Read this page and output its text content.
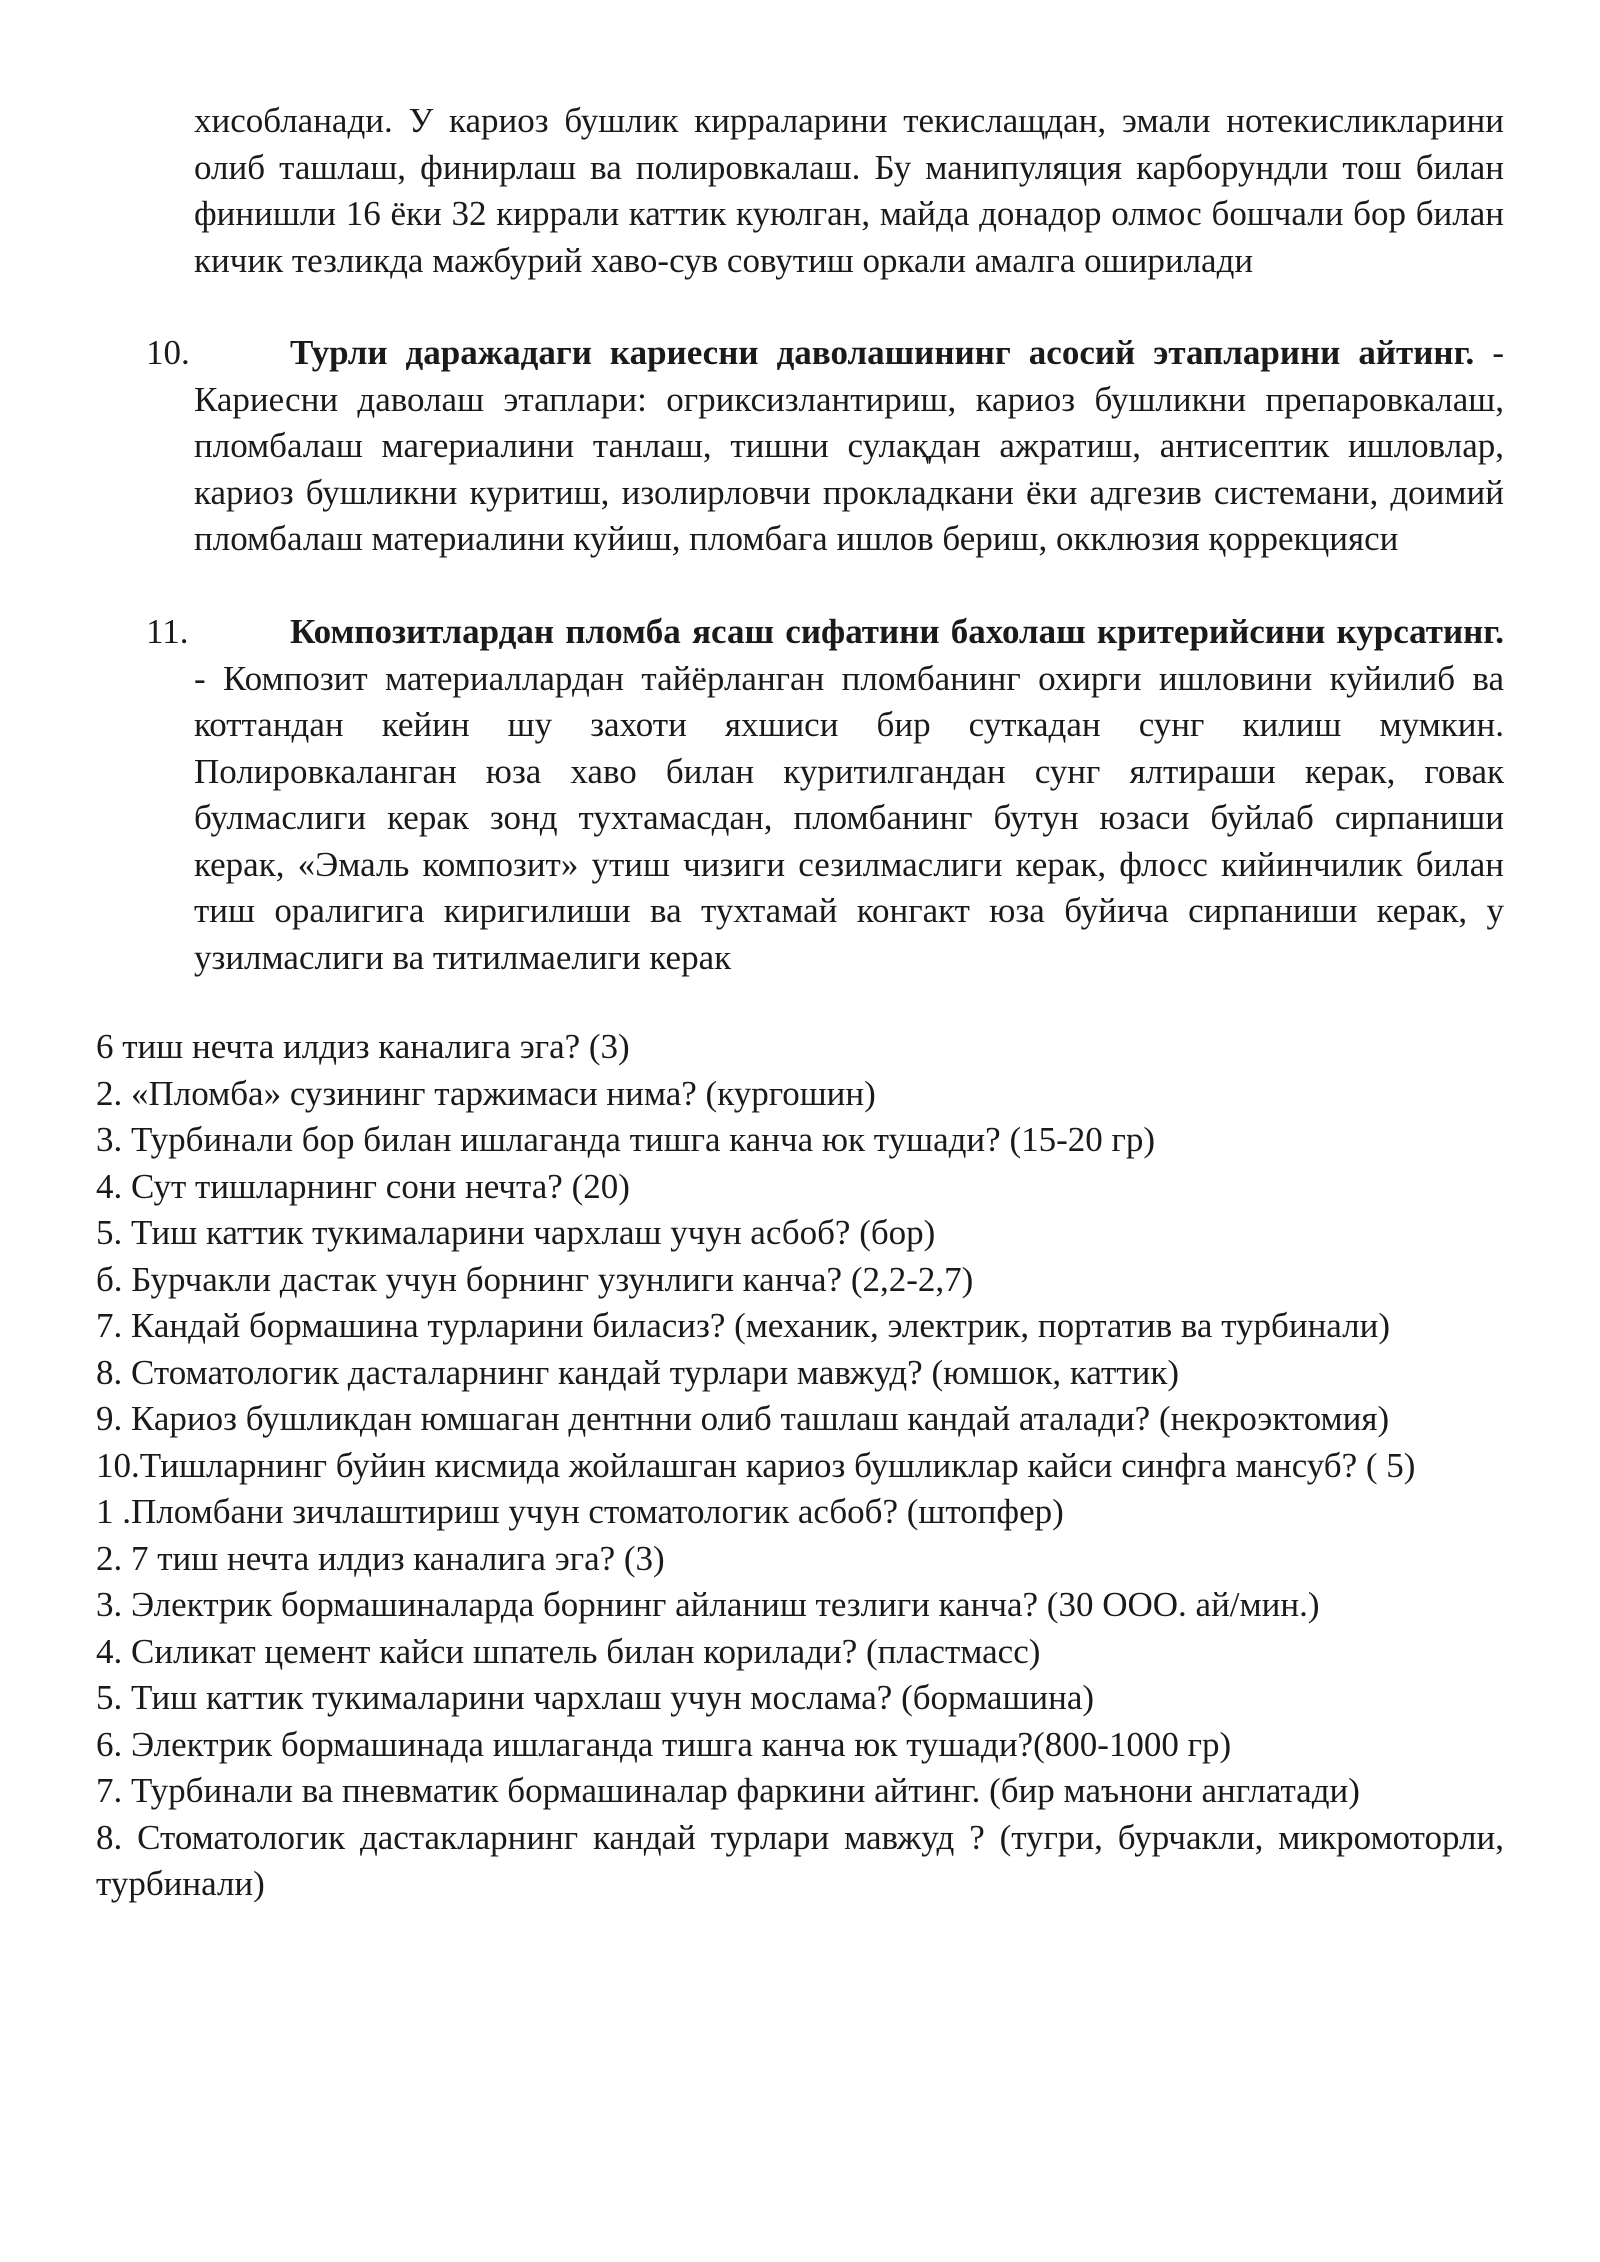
хисобланади. У кариоз бушлик кирраларини текислащдан, эмали нотекисликларини олиб ташлаш, финирлаш ва полировкалаш. Бу манипуляция карборундли тош билан финишли 16 ёки 32 киррали каттик куюлган, майда донадор олмос бошчали бор билан кичик тезликда мажбурий хаво-сув совутиш оркали амалга оширилади

10.	Турли даражадаги кариесни даволашининг асосий этапларини айтинг. - Кариесни даволаш этаплари: огриксизлантириш, кариоз бушликни препаровкалаш, пломбалаш магериалини танлаш, тишни сулақдан ажратиш, антисептик ишловлар, кариоз бушликни куритиш, изолирловчи прокладкани ёки адгезив системани, доимий пломбалаш материалини куйиш, пломбага ишлов бериш, окклюзия қоррекцияси
11.	Композитлардан пломба ясаш сифатини бахолаш критерийсини курсатинг. - Композит материаллардан тайёрланган пломбанинг охирги ишловини куйилиб ва коттандан кейин шу захоти яхшиси бир суткадан сунг килиш мумкин. Полировкаланган юза хаво билан куритилгандан сунг ялтираши керак, говак булмаслиги керак зонд тухтамасдан, пломбанинг бутун юзаси буйлаб сирпаниши керак, «Эмаль композит» утиш чизиги сезилмаслиги керак, флосс кийинчилик билан тиш оралигига киригилиши ва тухтамай конгакт юза буйича сирпаниши керак, у узилмаслиги ва титилмаелиги керак

6 тиш нечта илдиз каналига эга? (3)

2. «Пломба» сузининг таржимаси нима? (кургошин)

3. Турбинали бор билан ишлаганда тишга канча юк тушади? (15-20 гр)

4. Сут тишларнинг сони нечта? (20)

5. Тиш каттик тукималарини чархлаш учун асбоб? (бор)

б. Бурчакли дастак учун борнинг узунлиги канча? (2,2-2,7)

7. Кандай бормашина турларини биласиз? (механик, электрик, портатив ва турбинали)

8. Стоматологик дасталарнинг кандай турлари мавжуд? (юмшок, каттик)

9. Кариоз бушликдан юмшаган дентнни олиб ташлаш кандай аталади? (некроэктомия)

10.Тишларнинг буйин кисмида жойлашган кариоз бушликлар кайси синфга мансуб? ( 5)

1 .Пломбани зичлаштириш учун стоматологик асбоб? (штопфер)

2. 7 тиш нечта илдиз каналига эга? (3)

3. Электрик бормашиналарда борнинг айланиш тезлиги канча? (30 ООО. ай/мин.)

4. Силикат цемент кайси шпатель билан корилади? (пластмасс)

5. Тиш каттик тукималарини чархлаш учун мослама? (бормашина)

6. Электрик бормашинада ишлаганда тишга канча юк тушади?(800-1000 гр)

7. Турбинали ва пневматик бормашиналар фаркини айтинг. (бир маънони англатади)

8. Стоматологик дастакларнинг кандай турлари мавжуд ? (тугри, бурчакли, микромоторли, турбинали)
